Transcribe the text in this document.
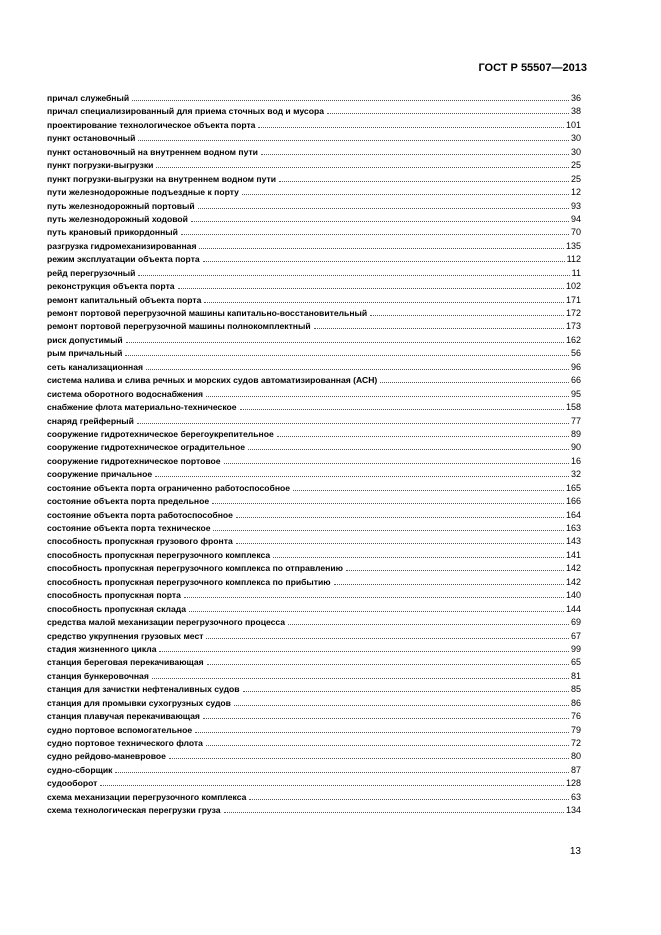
ГОСТ Р 55507—2013
причал служебный	36
причал специализированный для приема сточных вод и мусора	38
проектирование технологическое объекта порта	101
пункт остановочный	30
пункт остановочный на внутреннем водном пути	30
пункт погрузки-выгрузки	25
пункт погрузки-выгрузки на внутреннем водном пути	25
пути железнодорожные подъездные к порту	12
путь железнодорожный портовый	93
путь железнодорожный ходовой	94
путь крановый прикордонный	70
разгрузка гидромеханизированная	135
режим эксплуатации объекта порта	112
рейд перегрузочный	11
реконструкция объекта порта	102
ремонт капитальный объекта порта	171
ремонт портовой перегрузочной машины капитально-восстановительный	172
ремонт портовой перегрузочной машины полнокомплектный	173
риск допустимый	162
рым причальный	56
сеть канализационная	96
система налива и слива речных и морских судов автоматизированная (АСН)	66
система оборотного водоснабжения	95
снабжение флота материально-техническое	158
снаряд грейферный	77
сооружение гидротехническое берегоукрепительное	89
сооружение гидротехническое оградительное	90
сооружение гидротехническое портовое	16
сооружение причальное	32
состояние объекта порта ограниченно работоспособное	165
состояние объекта порта предельное	166
состояние объекта порта работоспособное	164
состояние объекта порта техническое	163
способность пропускная грузового фронта	143
способность пропускная перегрузочного комплекса	141
способность пропускная перегрузочного комплекса по отправлению	142
способность пропускная перегрузочного комплекса по прибытию	142
способность пропускная порта	140
способность пропускная склада	144
средства малой механизации перегрузочного процесса	69
средство укрупнения грузовых мест	67
стадия жизненного цикла	99
станция береговая перекачивающая	65
станция бункеровочная	81
станция для зачистки нефтеналивных судов	85
станция для промывки сухогрузных судов	86
станция плавучая перекачивающая	76
судно портовое вспомогательное	79
судно портовое технического флота	72
судно рейдово-маневровое	80
судно-сборщик	87
судооборот	128
схема механизации перегрузочного комплекса	63
схема технологическая перегрузки груза	134
13
